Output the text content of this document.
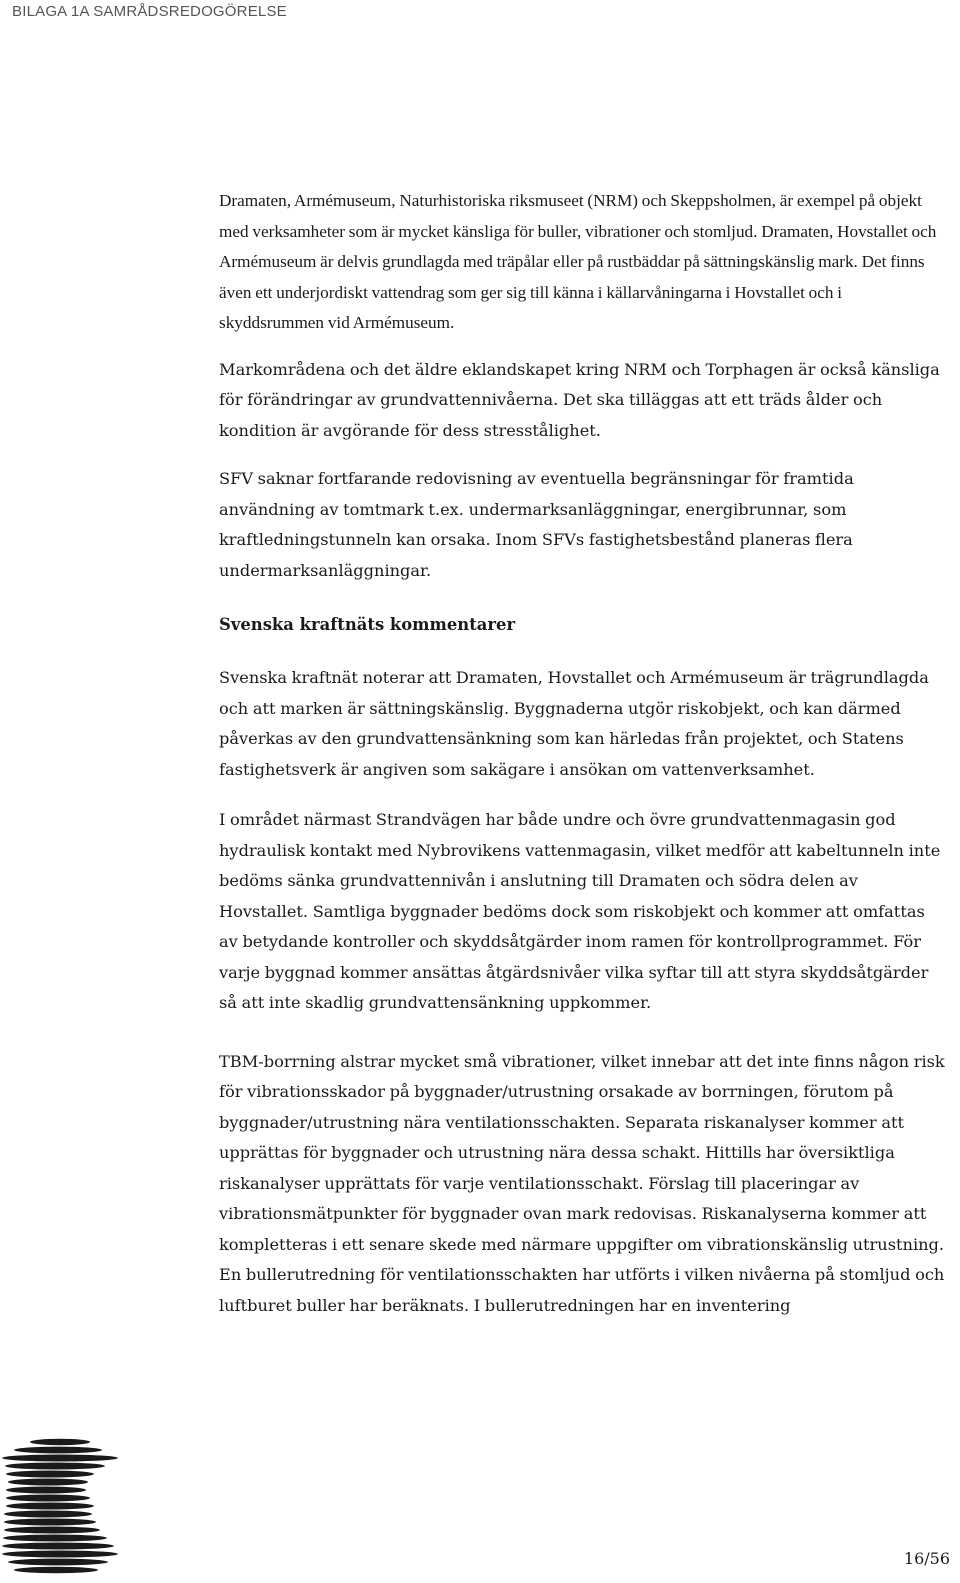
BILAGA 1A SAMRÅDSREDOGÖRELSE

Dramaten, Armémuseum, Naturhistoriska riksmuseet (NRM) och Skeppsholmen, är exempel på objekt med verksamheter som är mycket känsliga för buller, vibrationer och stomljud. Dramaten, Hovstallet och Armémuseum är delvis grundlagda med träpålar eller på rustbäddar på sättningskänslig mark. Det finns även ett underjordiskt vattendrag som ger sig till känna i källarvåningarna i Hovstallet och i skyddsrummen vid Armémuseum.

Markområdena och det äldre eklandskapet kring NRM och Torphagen är också känsliga för förändringar av grundvattennivåerna. Det ska tilläggas att ett träds ålder och kondition är avgörande för dess stresstålighet.

SFV saknar fortfarande redovisning av eventuella begränsningar för framtida användning av tomtmark t.ex. undermarksanläggningar, energibrunnar, som kraftledningstunneln kan orsaka. Inom SFVs fastighetsbestånd planeras flera undermarksanläggningar.

Svenska kraftnäts kommentarer

Svenska kraftnät noterar att Dramaten, Hovstallet och Armémuseum är trägrundlagda och att marken är sättningskänslig. Byggnaderna utgör riskobjekt, och kan därmed påverkas av den grundvattensänkning som kan härledas från projektet, och Statens fastighetsverk är angiven som sakägare i ansökan om vattenverksamhet.

I området närmast Strandvägen har både undre och övre grundvattenmagasin god hydraulisk kontakt med Nybrovikens vattenmagasin, vilket medför att kabeltunneln inte bedöms sänka grundvattennivån i anslutning till Dramaten och södra delen av Hovstallet. Samtliga byggnader bedöms dock som riskobjekt och kommer att omfattas av betydande kontroller och skyddsåtgärder inom ramen för kontrollprogrammet. För varje byggnad kommer ansättas åtgärdsnivåer vilka syftar till att styra skyddsåtgärder så att inte skadlig grundvattensänkning uppkommer.

TBM-borrning alstrar mycket små vibrationer, vilket innebar att det inte finns någon risk för vibrationsskador på byggnader/utrustning orsakade av borrningen, förutom på byggnader/utrustning nära ventilationsschakten. Separata riskanalyser kommer att upprättas för byggnader och utrustning nära dessa schakt. Hittills har översiktliga riskanalyser upprättats för varje ventilationsschakt. Förslag till placeringar av vibrationsmätpunkter för byggnader ovan mark redovisas. Riskanalyserna kommer att kompletteras i ett senare skede med närmare uppgifter om vibrationskänslig utrustning. En bullerutredning för ventilationsschakten har utförts i vilken nivåerna på stomljud och luftburet buller har beräknats. I bullerutredningen har en inventering

16/56
